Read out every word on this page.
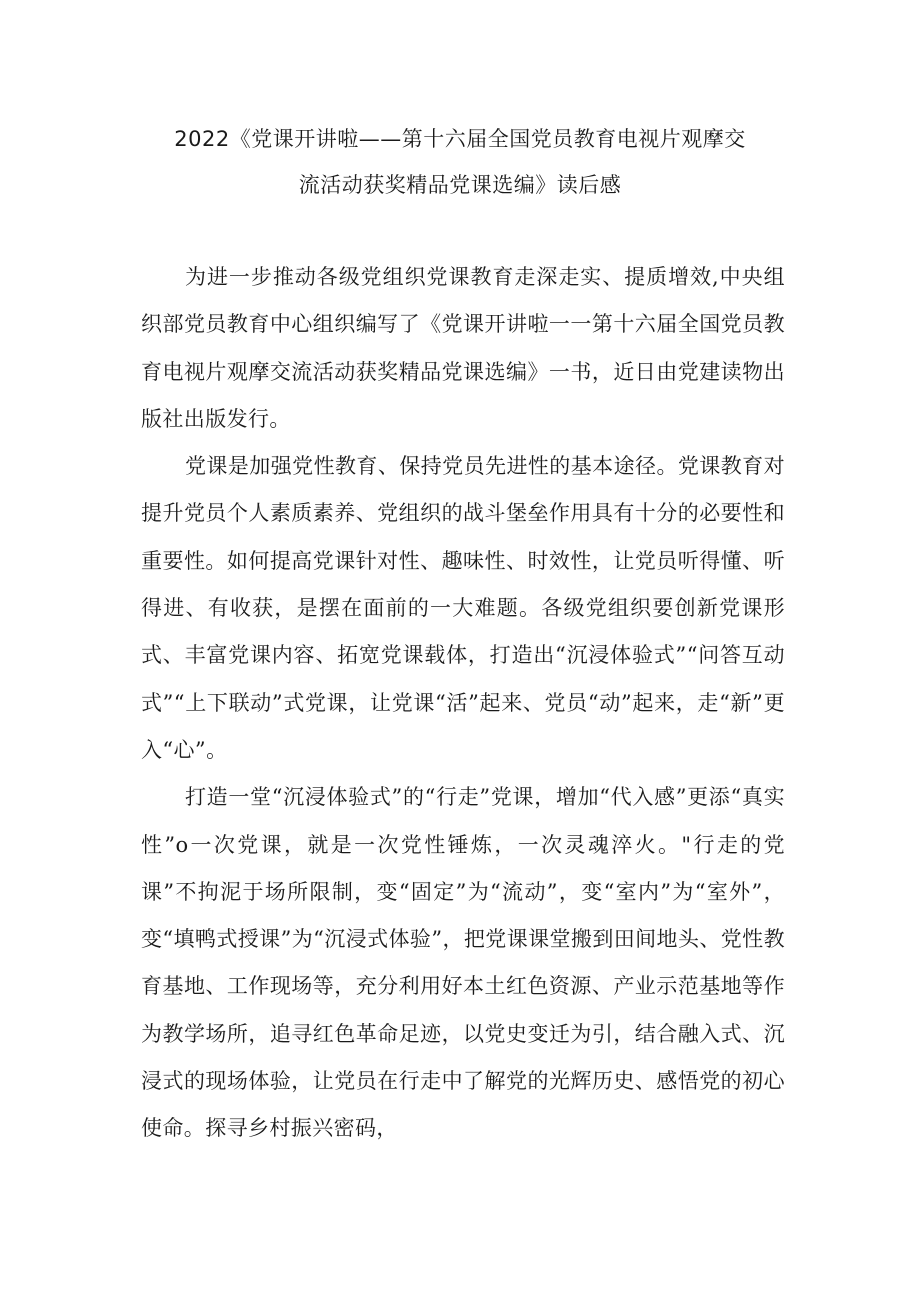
2022《党课开讲啦——第十六届全国党员教育电视片观摩交
流活动获奖精品党课选编》读后感

为进一步推动各级党组织党课教育走深走实、提质增效,中央组织部党员教育中心组织编写了《党课开讲啦一一第十六届全国党员教育电视片观摩交流活动获奖精品党课选编》一书，近日由党建读物出版社出版发行。

党课是加强党性教育、保持党员先进性的基本途径。党课教育对提升党员个人素质素养、党组织的战斗堡垒作用具有十分的必要性和重要性。如何提高党课针对性、趣味性、时效性，让党员听得懂、听得进、有收获，是摆在面前的一大难题。各级党组织要创新党课形式、丰富党课内容、拓宽党课载体，打造出“沉浸体验式”“问答互动式”“上下联动”式党课，让党课“活”起来、党员“动”起来，走“新”更入“心”。

打造一堂“沉浸体验式”的“行走”党课，增加“代入感”更添“真实性”o一次党课，就是一次党性锤炼，一次灵魂淬火。"行走的党课”不拘泥于场所限制，变“固定”为“流动”，变“室内”为“室外”，变“填鸭式授课”为“沉浸式体验”，把党课课堂搬到田间地头、党性教育基地、工作现场等，充分利用好本土红色资源、产业示范基地等作为教学场所，追寻红色革命足迹，以党史变迁为引，结合融入式、沉浸式的现场体验，让党员在行走中了解党的光辉历史、感悟党的初心使命。探寻乡村振兴密码，
